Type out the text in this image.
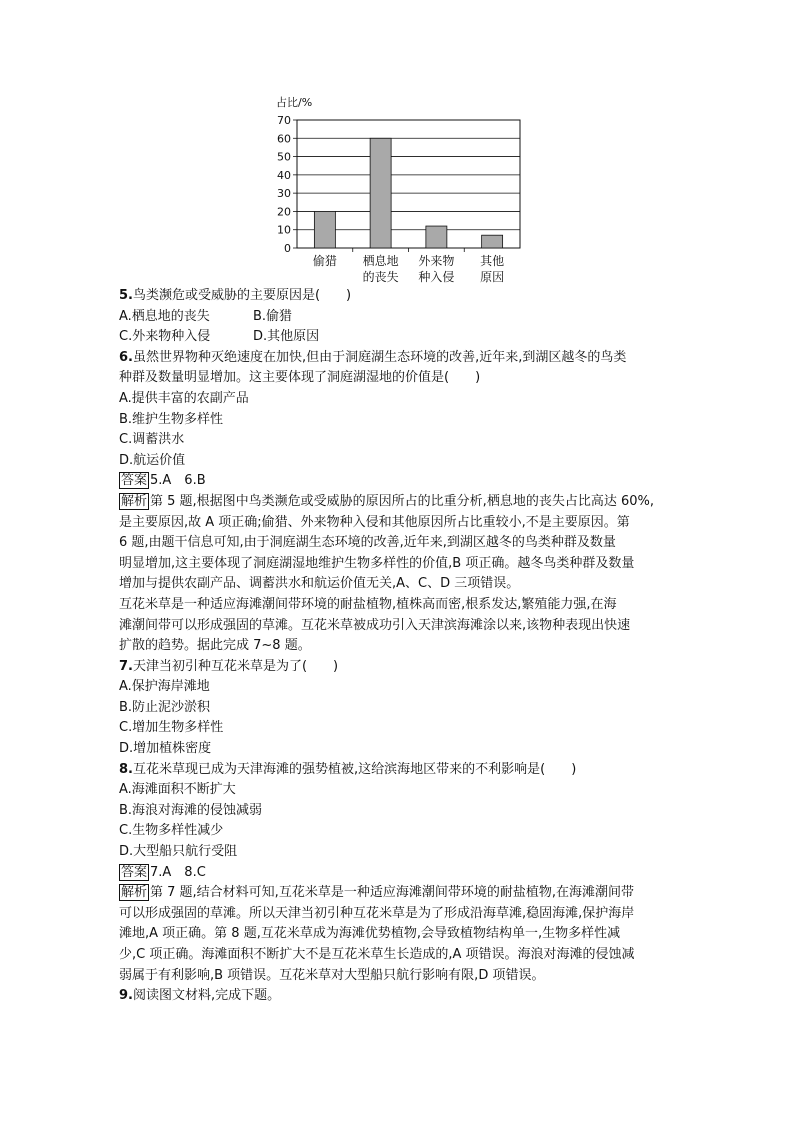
占比/%
0
10
20
30
40
50
60
70
偷猎 栖息地
的丧失
外来物
种入侵
其他
原因
5.鸟类濒危或受威胁的主要原因是(　　)
A.栖息地的丧失	B.偷猎
C.外来物种入侵	D.其他原因
6.虽然世界物种灭绝速度在加快,但由于洞庭湖生态环境的改善,近年来,到湖区越冬的鸟类
种群及数量明显增加。这主要体现了洞庭湖湿地的价值是(　　)
A.提供丰富的农副产品
B.维护生物多样性
C.调蓄洪水
D.航运价值
答案 5.A　6.B
解析 第 5 题,根据图中鸟类濒危或受威胁的原因所占的比重分析,栖息地的丧失占比高达 60%,
是主要原因,故 A 项正确;偷猎、外来物种入侵和其他原因所占比重较小,不是主要原因。第
6 题,由题干信息可知,由于洞庭湖生态环境的改善,近年来,到湖区越冬的鸟类种群及数量
明显增加,这主要体现了洞庭湖湿地维护生物多样性的价值,B 项正确。越冬鸟类种群及数量
增加与提供农副产品、调蓄洪水和航运价值无关,A、C、D 三项错误。
互花米草是一种适应海滩潮间带环境的耐盐植物,植株高而密,根系发达,繁殖能力强,在海
滩潮间带可以形成强固的草滩。互花米草被成功引入天津滨海滩涂以来,该物种表现出快速
扩散的趋势。据此完成 7~8 题。
7.天津当初引种互花米草是为了(　　)
A.保护海岸滩地
B.防止泥沙淤积
C.增加生物多样性
D.增加植株密度
8.互花米草现已成为天津海滩的强势植被,这给滨海地区带来的不利影响是(　　)
A.海滩面积不断扩大
B.海浪对海滩的侵蚀减弱
C.生物多样性减少
D.大型船只航行受阻
答案 7.A　8.C
解析 第 7 题,结合材料可知,互花米草是一种适应海滩潮间带环境的耐盐植物,在海滩潮间带
可以形成强固的草滩。所以天津当初引种互花米草是为了形成沿海草滩,稳固海滩,保护海岸
滩地,A 项正确。第 8 题,互花米草成为海滩优势植物,会导致植物结构单一,生物多样性减
少,C 项正确。海滩面积不断扩大不是互花米草生长造成的,A 项错误。海浪对海滩的侵蚀减
弱属于有利影响,B 项错误。互花米草对大型船只航行影响有限,D 项错误。
9.阅读图文材料,完成下题。
